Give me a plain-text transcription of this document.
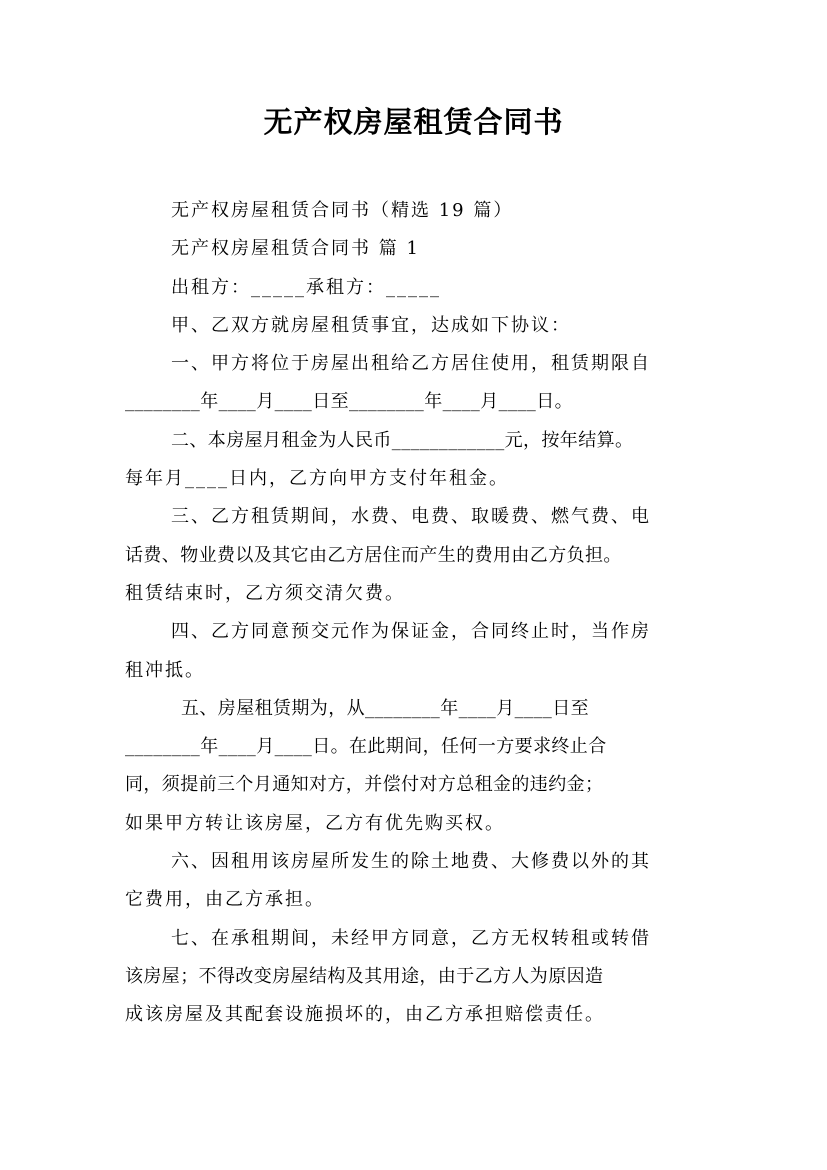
无产权房屋租赁合同书

无产权房屋租赁合同书（精选 19 篇）

无产权房屋租赁合同书 篇 1

出租方：_____承租方：_____

甲、乙双方就房屋租赁事宜，达成如下协议：

一、甲方将位于房屋出租给乙方居住使用，租赁期限自

________年____月____日至________年____月____日。

二、本房屋月租金为人民币____________元，按年结算。

每年月____日内，乙方向甲方支付年租金。

三、乙方租赁期间，水费、电费、取暖费、燃气费、电

话费、物业费以及其它由乙方居住而产生的费用由乙方负担。

租赁结束时，乙方须交清欠费。

四、乙方同意预交元作为保证金，合同终止时，当作房

租冲抵。

五、房屋租赁期为，从________年____月____日至

________年____月____日。在此期间，任何一方要求终止合

同，须提前三个月通知对方，并偿付对方总租金的违约金；

如果甲方转让该房屋，乙方有优先购买权。

六、因租用该房屋所发生的除土地费、大修费以外的其

它费用，由乙方承担。

七、在承租期间，未经甲方同意，乙方无权转租或转借

该房屋；不得改变房屋结构及其用途，由于乙方人为原因造

成该房屋及其配套设施损坏的，由乙方承担赔偿责任。
